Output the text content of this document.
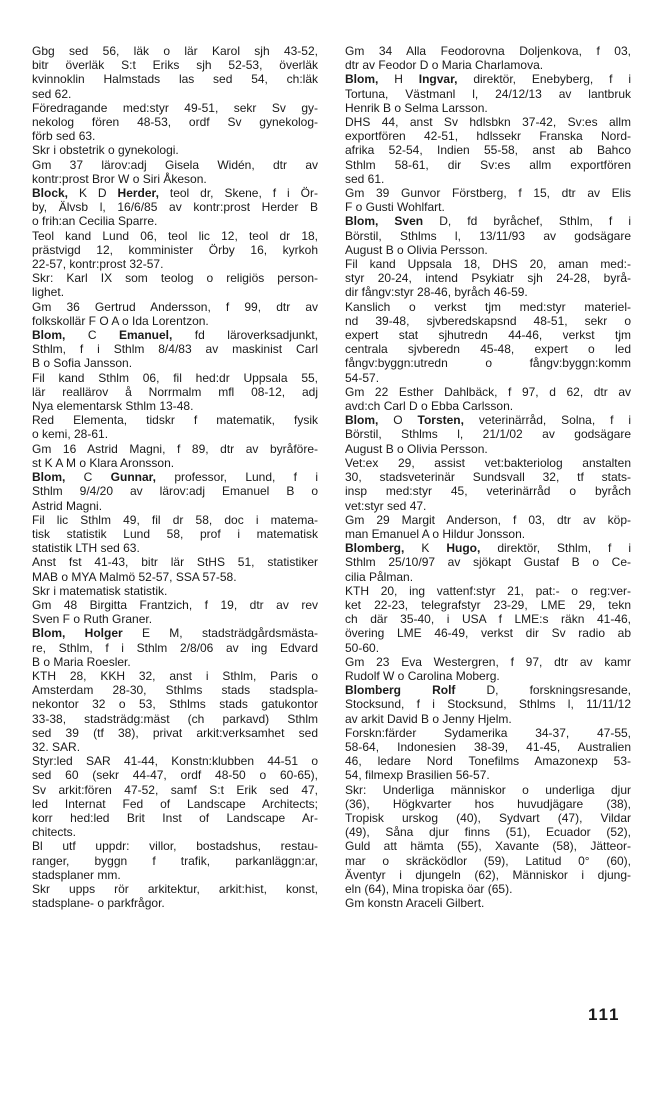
Gbg sed 56, läk o lär Karol sjh 43-52,
bitr överläk S:t Eriks sjh 52-53, överläk
kvinnoklin Halmstads las sed 54, ch:läk
sed 62.
Föredragande med:styr 49-51, sekr Sv gy-
nekolog fören 48-53, ordf Sv gynekolog-
förb sed 63.
Skr i obstetrik o gynekologi.
Gm 37 lärov:adj Gisela Widén, dtr av
kontr:prost Bror W o Siri Åkeson.
Block, K D Herder, teol dr, Skene, f i Ör-
by, Älvsb l, 16/6/85 av kontr:prost Herder B
o frih:an Cecilia Sparre.
Teol kand Lund 06, teol lic 12, teol dr 18,
prästvigd 12, komminister Örby 16, kyrkoh
22-57, kontr:prost 32-57.
Skr: Karl IX som teolog o religiös person-
lighet.
Gm 36 Gertrud Andersson, f 99, dtr av
folkskollär F O A o Ida Lorentzon.
Blom, C Emanuel, fd läroverksadjunkt,
Sthlm, f i Sthlm 8/4/83 av maskinist Carl
B o Sofia Jansson.
Fil kand Sthlm 06, fil hed:dr Uppsala 55,
lär reallärov å Norrmalm mfl 08-12, adj
Nya elementarsk Sthlm 13-48.
Red Elementa, tidskr f matematik, fysik
o kemi, 28-61.
Gm 16 Astrid Magni, f 89, dtr av byråföre-
st K A M o Klara Aronsson.
Blom, C Gunnar, professor, Lund, f i
Sthlm 9/4/20 av lärov:adj Emanuel B o
Astrid Magni.
Fil lic Sthlm 49, fil dr 58, doc i matema-
tisk statistik Lund 58, prof i matematisk
statistik LTH sed 63.
Anst fst 41-43, bitr lär StHS 51, statistiker
MAB o MYA Malmö 52-57, SSA 57-58.
Skr i matematisk statistik.
Gm 48 Birgitta Frantzich, f 19, dtr av rev
Sven F o Ruth Graner.
Blom, Holger E M, stadsträdgårdsmästa-
re, Sthlm, f i Sthlm 2/8/06 av ing Edvard
B o Maria Roesler.
KTH 28, KKH 32, anst i Sthlm, Paris o
Amsterdam 28-30, Sthlms stads stadspla-
nekontor 32 o 53, Sthlms stads gatukontor
33-38, stadsträdg:mäst (ch parkavd) Sthlm
sed 39 (tf 38), privat arkit:verksamhet sed
32. SAR.
Styr:led SAR 41-44, Konstn:klubben 44-51 o
sed 60 (sekr 44-47, ordf 48-50 o 60-65),
Sv arkit:fören 47-52, samf S:t Erik sed 47,
led Internat Fed of Landscape Architects;
korr hed:led Brit Inst of Landscape Ar-
chitects.
Bl utf uppdr: villor, bostadshus, restau-
ranger, byggn f trafik, parkanläggn:ar,
stadsplaner mm.
Skr upps rör arkitektur, arkit:hist, konst,
stadsplane- o parkfrågor.
Gm 34 Alla Feodorovna Doljenkova, f 03,
dtr av Feodor D o Maria Charlamova.
Blom, H Ingvar, direktör, Enebyberg, f i
Tortuna, Västmanl l, 24/12/13 av lantbruk
Henrik B o Selma Larsson.
DHS 44, anst Sv hdlsbkn 37-42, Sv:es allm
exportfören 42-51, hdlssekr Franska Nord-
afrika 52-54, Indien 55-58, anst ab Bahco
Sthlm 58-61, dir Sv:es allm exportfören
sed 61.
Gm 39 Gunvor Förstberg, f 15, dtr av Elis
F o Gusti Wohlfart.
Blom, Sven D, fd byråchef, Sthlm, f i
Börstil, Sthlms l, 13/11/93 av godsägare
August B o Olivia Persson.
Fil kand Uppsala 18, DHS 20, aman med:-
styr 20-24, intend Psykiatr sjh 24-28, byrå-
dir fångv:styr 28-46, byråch 46-59.
Kanslich o verkst tjm med:styr materiel-
nd 39-48, sjvberedskapsnd 48-51, sekr o
expert stat sjhutredn 44-46, verkst tjm
centrala sjvberedn 45-48, expert o led
fångv:byggn:utredn o fångv:byggn:komm
54-57.
Gm 22 Esther Dahlbäck, f 97, d 62, dtr av
avd:ch Carl D o Ebba Carlsson.
Blom, O Torsten, veterinärråd, Solna, f i
Börstil, Sthlms l, 21/1/02 av godsägare
August B o Olivia Persson.
Vet:ex 29, assist vet:bakteriolog anstalten
30, stadsveterinär Sundsvall 32, tf stats-
insp med:styr 45, veterinärråd o byråch
vet:styr sed 47.
Gm 29 Margit Anderson, f 03, dtr av köp-
man Emanuel A o Hildur Jonsson.
Blomberg, K Hugo, direktör, Sthlm, f i
Sthlm 25/10/97 av sjökapt Gustaf B o Ce-
cilia Pålman.
KTH 20, ing vattenf:styr 21, pat:- o reg:ver-
ket 22-23, telegrafstyr 23-29, LME 29, tekn
ch där 35-40, i USA f LME:s räkn 41-46,
övering LME 46-49, verkst dir Sv radio ab
50-60.
Gm 23 Eva Westergren, f 97, dtr av kamr
Rudolf W o Carolina Moberg.
Blomberg Rolf D, forskningsresande,
Stocksund, f i Stocksund, Sthlms l, 11/11/12
av arkit David B o Jenny Hjelm.
Forskn:färder Sydamerika 34-37, 47-55,
58-64, Indonesien 38-39, 41-45, Australien
46, ledare Nord Tonefilms Amazonexp 53-
54, filmexp Brasilien 56-57.
Skr: Underliga människor o underliga djur
(36), Högkvarter hos huvudjägare (38),
Tropisk urskog (40), Sydvart (47), Vildar
(49), Såna djur finns (51), Ecuador (52),
Guld att hämta (55), Xavante (58), Jätteor-
mar o skräcködlor (59), Latitud 0° (60),
Äventyr i djungeln (62), Människor i djung-
eln (64), Mina tropiska öar (65).
Gm konstn Araceli Gilbert.
111
